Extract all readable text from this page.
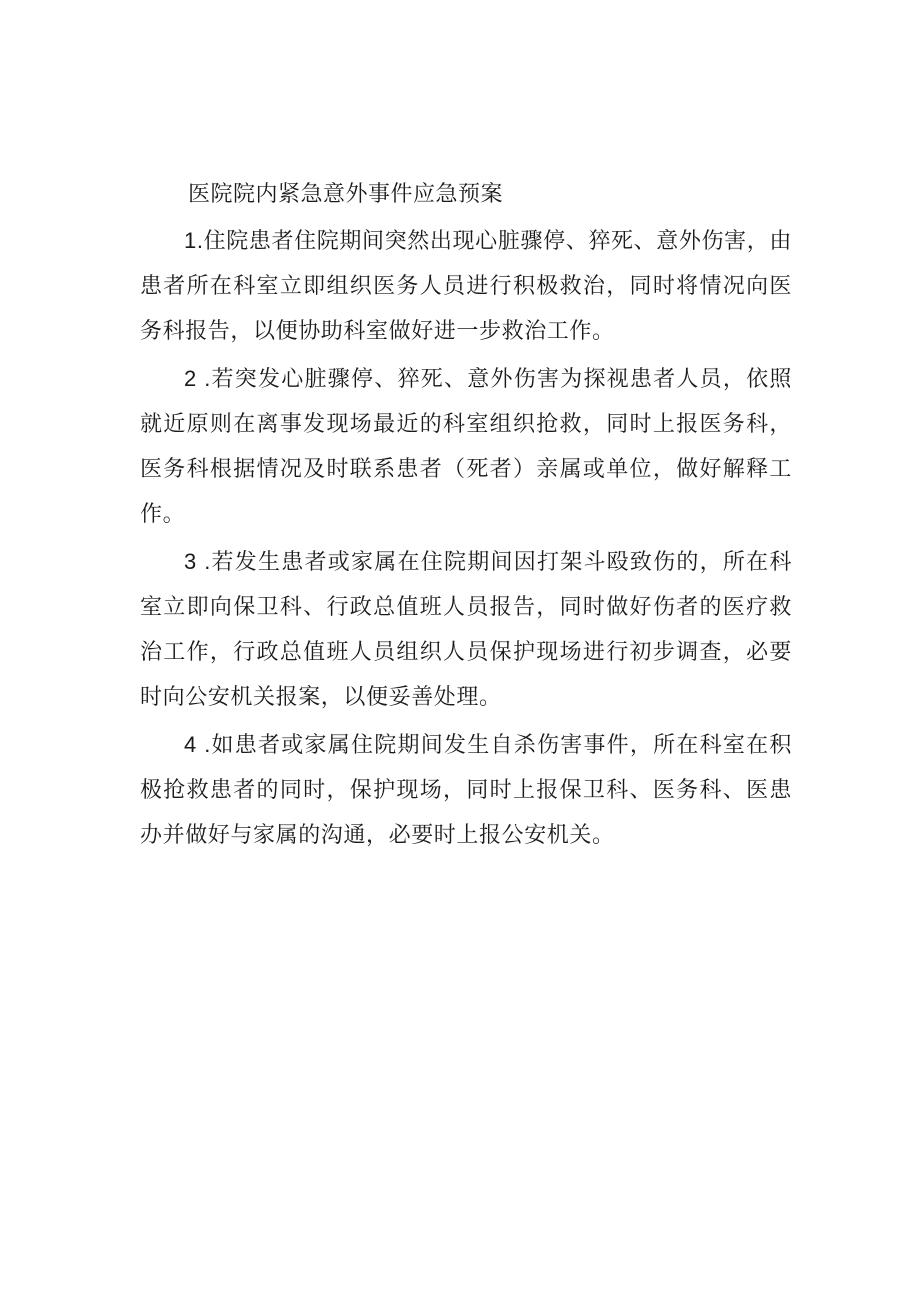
医院院内紧急意外事件应急预案

1.住院患者住院期间突然出现心脏骤停、猝死、意外伤害，由患者所在科室立即组织医务人员进行积极救治，同时将情况向医务科报告，以便协助科室做好进一步救治工作。

2 .若突发心脏骤停、猝死、意外伤害为探视患者人员，依照就近原则在离事发现场最近的科室组织抢救，同时上报医务科，医务科根据情况及时联系患者（死者）亲属或单位，做好解释工作。

3 .若发生患者或家属在住院期间因打架斗殴致伤的，所在科室立即向保卫科、行政总值班人员报告，同时做好伤者的医疗救治工作，行政总值班人员组织人员保护现场进行初步调查，必要时向公安机关报案，以便妥善处理。

4 .如患者或家属住院期间发生自杀伤害事件，所在科室在积极抢救患者的同时，保护现场，同时上报保卫科、医务科、医患办并做好与家属的沟通，必要时上报公安机关。
